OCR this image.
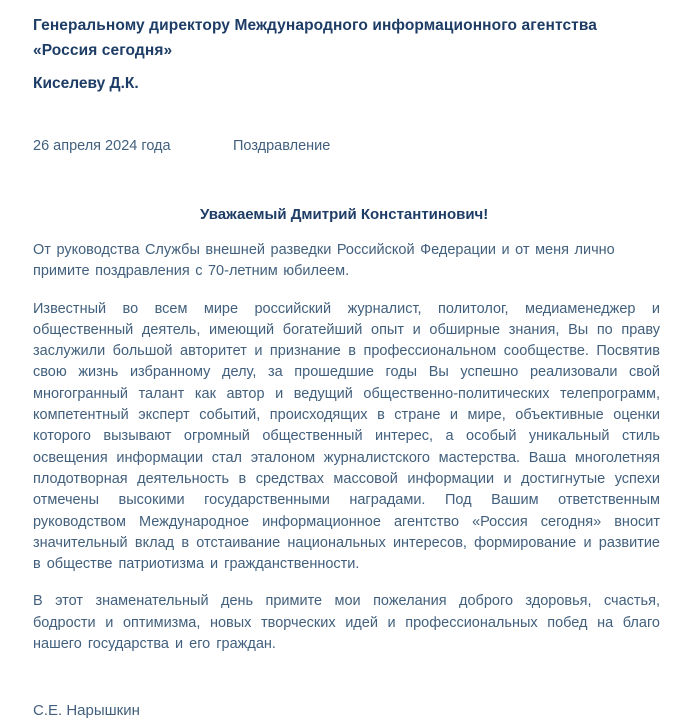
Генеральному директору Международного информационного агентства
«Россия сегодня»
Киселеву Д.К.
26 апреля 2024 года	Поздравление
Уважаемый Дмитрий Константинович!

От руководства Службы внешней разведки Российской Федерации и от меня лично примите поздравления с 70-летним юбилеем.

Известный во всем мире российский журналист, политолог, медиаменеджер и общественный деятель, имеющий богатейший опыт и обширные знания, Вы по праву заслужили большой авторитет и признание в профессиональном сообществе. Посвятив свою жизнь избранному делу, за прошедшие годы Вы успешно реализовали свой многогранный талант как автор и ведущий общественно-политических телепрограмм, компетентный эксперт событий, происходящих в стране и мире, объективные оценки которого вызывают огромный общественный интерес, а особый уникальный стиль освещения информации стал эталоном журналистского мастерства. Ваша многолетняя плодотворная деятельность в средствах массовой информации и достигнутые успехи отмечены высокими государственными наградами. Под Вашим ответственным руководством Международное информационное агентство «Россия сегодня» вносит значительный вклад в отстаивание национальных интересов, формирование и развитие в обществе патриотизма и гражданственности.

В этот знаменательный день примите мои пожелания доброго здоровья, счастья, бодрости и оптимизма, новых творческих идей и профессиональных побед на благо нашего государства и его граждан.

С.Е. Нарышкин
